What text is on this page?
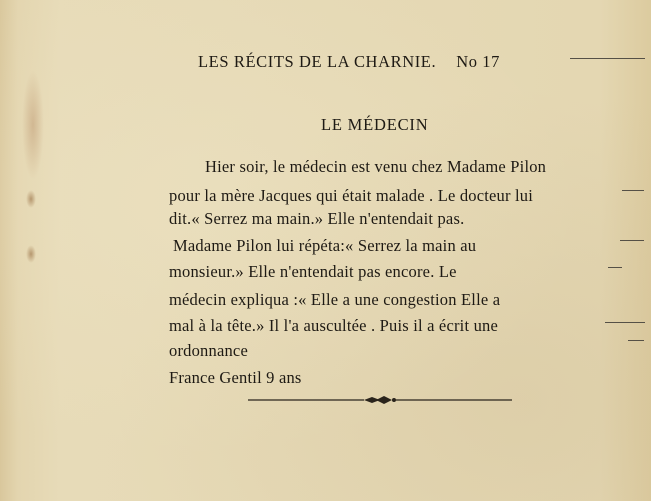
LES RÉCITS DE LA CHARNIE. No 17
LE MÉDECIN
Hier soir, le médecin est venu chez Madame Pilon
pour la mère Jacques qui était malade . Le docteur lui
dit.« Serrez ma main.» Elle n'entendait pas.
Madame Pilon lui répéta:« Serrez la main au
monsieur.» Elle n'entendait pas encore. Le
médecin expliqua :« Elle a une congestion Elle a
mal à la tête.» Il l'a auscultée . Puis il a écrit une
ordonnance
France Gentil 9 ans
